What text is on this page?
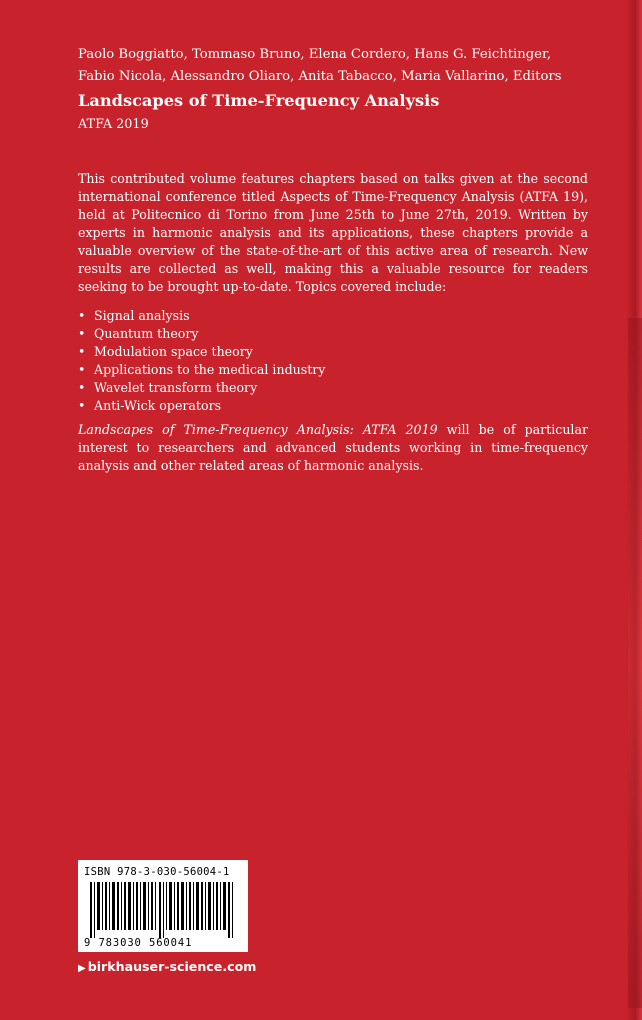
Paolo Boggiatto, Tommaso Bruno, Elena Cordero, Hans G. Feichtinger,
Fabio Nicola, Alessandro Oliaro, Anita Tabacco, Maria Vallarino, Editors

Landscapes of Time-Frequency Analysis

ATFA 2019

This contributed volume features chapters based on talks given at the second international conference titled Aspects of Time-Frequency Analysis (ATFA 19), held at Politecnico di Torino from June 25th to June 27th, 2019. Written by experts in harmonic analysis and its applications, these chapters provide a valuable overview of the state-of-the-art of this active area of research. New results are collected as well, making this a valuable resource for readers seeking to be brought up-to-date. Topics covered include:

• Signal analysis
• Quantum theory
• Modulation space theory
• Applications to the medical industry
• Wavelet transform theory
• Anti-Wick operators

Landscapes of Time-Frequency Analysis: ATFA 2019 will be of particular interest to researchers and advanced students working in time-frequency analysis and other related areas of harmonic analysis.

ISBN 978-3-030-56004-1

9 783030 560041
▶ birkhauser-science.com
